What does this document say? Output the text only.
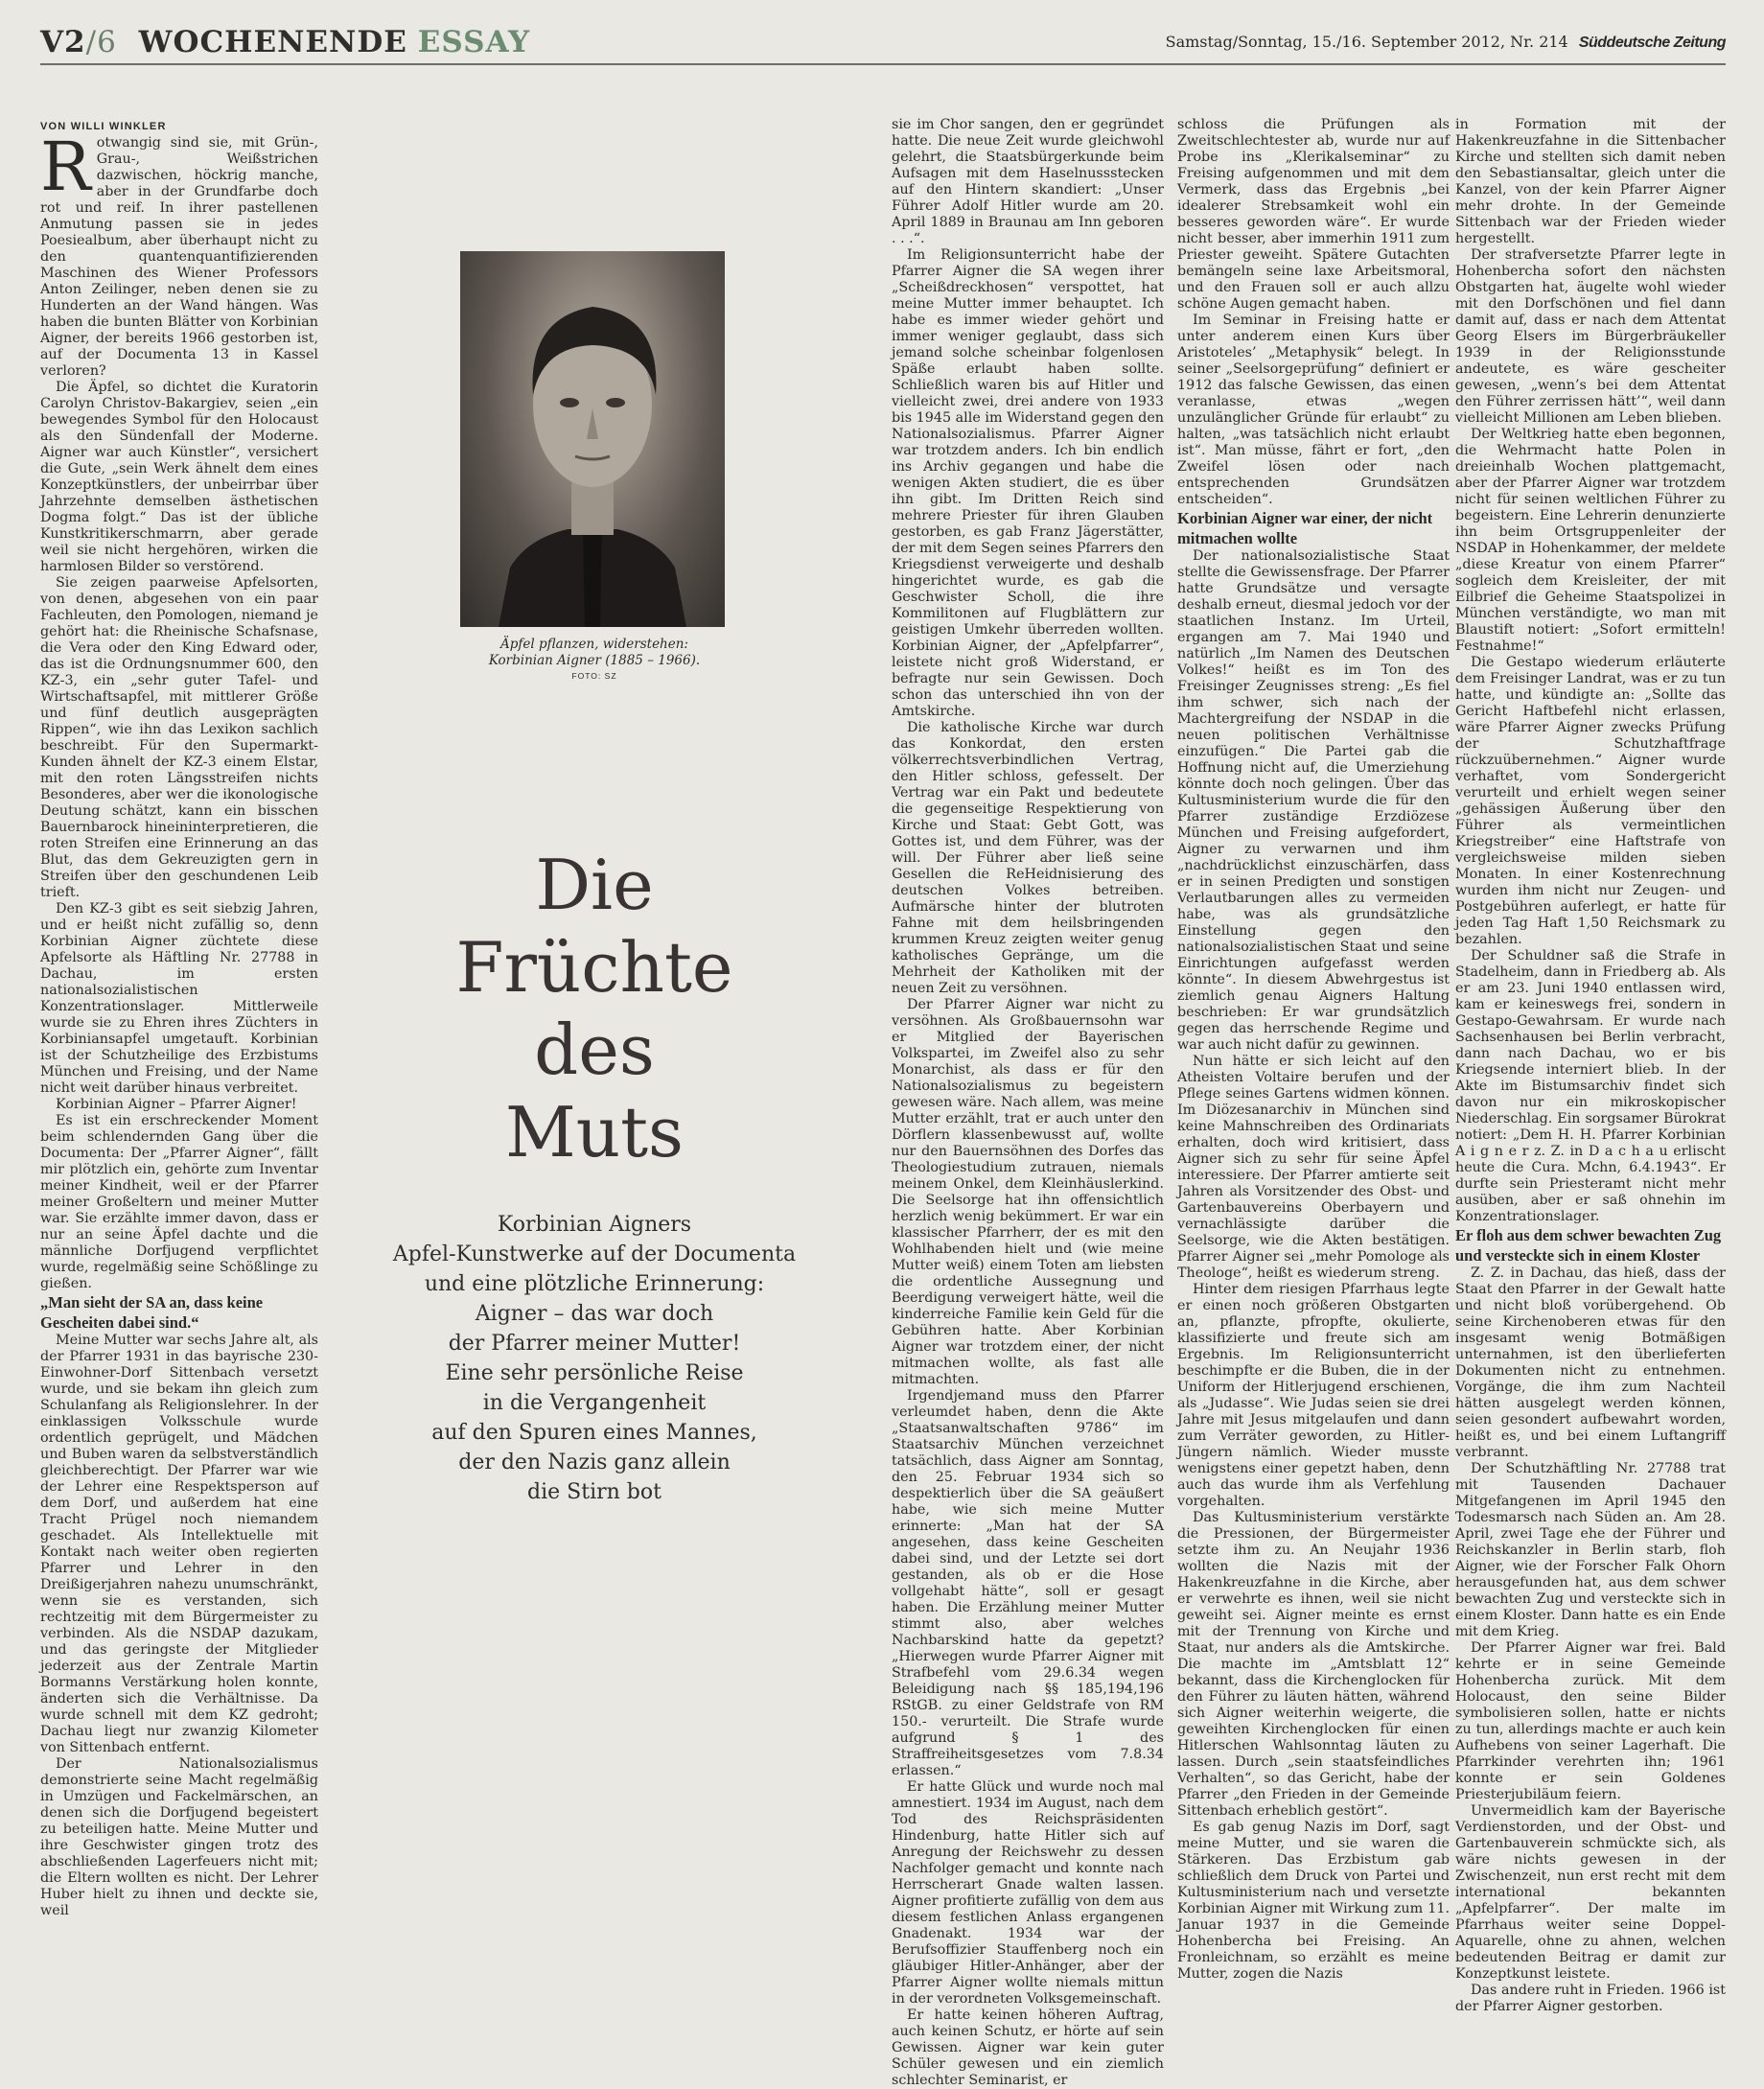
V2/6 WOCHENENDE ESSAY	Samstag/Sonntag, 15./16. September 2012, Nr. 214 Süddeutsche Zeitung

VON WILLI WINKLER

Rotwangig sind sie, mit Grün-, Grau-, Weißstrichen dazwischen, höckrig manche, aber in der Grundfarbe doch rot und reif. In ihrer pastellenen Anmutung passen sie in jedes Poesiealbum, aber überhaupt nicht zu den quantenquantifizierenden Maschinen des Wiener Professors Anton Zeilinger, neben denen sie zu Hunderten an der Wand hängen. Was haben die bunten Blätter von Korbinian Aigner, der bereits 1966 gestorben ist, auf der Documenta 13 in Kassel verloren?

Die Äpfel, so dichtet die Kuratorin Carolyn Christov-Bakargiev, seien „ein bewegendes Symbol für den Holocaust als den Sündenfall der Moderne. Aigner war auch Künstler“, versichert die Gute, „sein Werk ähnelt dem eines Konzeptkünstlers, der unbeirrbar über Jahrzehnte demselben ästhetischen Dogma folgt.“ Das ist der übliche Kunstkritikerschmarrn, aber gerade weil sie nicht hergehören, wirken die harmlosen Bilder so verstörend.

Sie zeigen paarweise Apfelsorten, von denen, abgesehen von ein paar Fachleuten, den Pomologen, niemand je gehört hat: die Rheinische Schafsnase, die Vera oder den King Edward oder, das ist die Ordnungsnummer 600, den KZ-3, ein „sehr guter Tafel- und Wirtschaftsapfel, mit mittlerer Größe und fünf deutlich ausgeprägten Rippen“, wie ihn das Lexikon sachlich beschreibt. Für den Supermarkt-Kunden ähnelt der KZ-3 einem Elstar, mit den roten Längsstreifen nichts Besonderes, aber wer die ikonologische Deutung schätzt, kann ein bisschen Bauernbarock hineininterpretieren, die roten Streifen eine Erinnerung an das Blut, das dem Gekreuzigten gern in Streifen über den geschundenen Leib trieft.

Den KZ-3 gibt es seit siebzig Jahren, und er heißt nicht zufällig so, denn Korbinian Aigner züchtete diese Apfelsorte als Häftling Nr. 27788 in Dachau, im ersten nationalsozialistischen Konzentrationslager. Mittlerweile wurde sie zu Ehren ihres Züchters in Korbiniansapfel umgetauft. Korbinian ist der Schutzheilige des Erzbistums München und Freising, und der Name nicht weit darüber hinaus verbreitet.

Korbinian Aigner – Pfarrer Aigner!

Es ist ein erschreckender Moment beim schlendernden Gang über die Documenta: Der „Pfarrer Aigner“, fällt mir plötzlich ein, gehörte zum Inventar meiner Kindheit, weil er der Pfarrer meiner Großeltern und meiner Mutter war. Sie erzählte immer davon, dass er nur an seine Äpfel dachte und die männliche Dorfjugend verpflichtet wurde, regelmäßig seine Schößlinge zu gießen.

„Man sieht der SA an, dass keine Gescheiten dabei sind.“

Meine Mutter war sechs Jahre alt, als der Pfarrer 1931 in das bayrische 230-Einwohner-Dorf Sittenbach versetzt wurde, und sie bekam ihn gleich zum Schulanfang als Religionslehrer. In der einklassigen Volksschule wurde ordentlich geprügelt, und Mädchen und Buben waren da selbstverständlich gleichberechtigt. Der Pfarrer war wie der Lehrer eine Respektsperson auf dem Dorf, und außerdem hat eine Tracht Prügel noch niemandem geschadet. Als Intellektuelle mit Kontakt nach weiter oben regierten Pfarrer und Lehrer in den Dreißigerjahren nahezu unumschränkt, wenn sie es verstanden, sich rechtzeitig mit dem Bürgermeister zu verbinden. Als die NSDAP dazukam, und das geringste der Mitglieder jederzeit aus der Zentrale Martin Bormanns Verstärkung holen konnte, änderten sich die Verhältnisse. Da wurde schnell mit dem KZ gedroht; Dachau liegt nur zwanzig Kilometer von Sittenbach entfernt.

Der Nationalsozialismus demonstrierte seine Macht regelmäßig in Umzügen und Fackelmärschen, an denen sich die Dorfjugend begeistert zu beteiligen hatte. Meine Mutter und ihre Geschwister gingen trotz des abschließenden Lagerfeuers nicht mit; die Eltern wollten es nicht. Der Lehrer Huber hielt zu ihnen und deckte sie, weil

Äpfel pflanzen, widerstehen:
Korbinian Aigner (1885 – 1966).
FOTO: SZ
Die
Früchte
des
Muts
Korbinian Aigners
Apfel-Kunstwerke auf der Documenta
und eine plötzliche Erinnerung:
Aigner – das war doch
der Pfarrer meiner Mutter!
Eine sehr persönliche Reise
in die Vergangenheit
auf den Spuren eines Mannes,
der den Nazis ganz allein
die Stirn bot

sie im Chor sangen, den er gegründet hatte. Die neue Zeit wurde gleichwohl gelehrt, die Staatsbürgerkunde beim Aufsagen mit dem Haselnussstecken auf den Hintern skandiert: „Unser Führer Adolf Hitler wurde am 20. April 1889 in Braunau am Inn geboren . . .“.

Im Religionsunterricht habe der Pfarrer Aigner die SA wegen ihrer „Scheißdreckhosen“ verspottet, hat meine Mutter immer behauptet. Ich habe es immer wieder gehört und immer weniger geglaubt, dass sich jemand solche scheinbar folgenlosen Späße erlaubt haben sollte. Schließlich waren bis auf Hitler und vielleicht zwei, drei andere von 1933 bis 1945 alle im Widerstand gegen den Nationalsozialismus. Pfarrer Aigner war trotzdem anders. Ich bin endlich ins Archiv gegangen und habe die wenigen Akten studiert, die es über ihn gibt. Im Dritten Reich sind mehrere Priester für ihren Glauben gestorben, es gab Franz Jägerstätter, der mit dem Segen seines Pfarrers den Kriegsdienst verweigerte und deshalb hingerichtet wurde, es gab die Geschwister Scholl, die ihre Kommilitonen auf Flugblättern zur geistigen Umkehr überreden wollten. Korbinian Aigner, der „Apfelpfarrer“, leistete nicht groß Widerstand, er befragte nur sein Gewissen. Doch schon das unterschied ihn von der Amtskirche.

Die katholische Kirche war durch das Konkordat, den ersten völkerrechtsverbindlichen Vertrag, den Hitler schloss, gefesselt. Der Vertrag war ein Pakt und bedeutete die gegenseitige Respektierung von Kirche und Staat: Gebt Gott, was Gottes ist, und dem Führer, was der will. Der Führer aber ließ seine Gesellen die ReHeidnisierung des deutschen Volkes betreiben. Aufmärsche hinter der blutroten Fahne mit dem heilsbringenden krummen Kreuz zeigten weiter genug katholisches Gepränge, um die Mehrheit der Katholiken mit der neuen Zeit zu versöhnen.

Der Pfarrer Aigner war nicht zu versöhnen. Als Großbauernsohn war er Mitglied der Bayerischen Volkspartei, im Zweifel also zu sehr Monarchist, als dass er für den Nationalsozialismus zu begeistern gewesen wäre. Nach allem, was meine Mutter erzählt, trat er auch unter den Dörflern klassenbewusst auf, wollte nur den Bauernsöhnen des Dorfes das Theologiestudium zutrauen, niemals meinem Onkel, dem Kleinhäuslerkind. Die Seelsorge hat ihn offensichtlich herzlich wenig bekümmert. Er war ein klassischer Pfarrherr, der es mit den Wohlhabenden hielt und (wie meine Mutter weiß) einem Toten am liebsten die ordentliche Aussegnung und Beerdigung verweigert hätte, weil die kinderreiche Familie kein Geld für die Gebühren hatte. Aber Korbinian Aigner war trotzdem einer, der nicht mitmachen wollte, als fast alle mitmachten.

Irgendjemand muss den Pfarrer verleumdet haben, denn die Akte „Staatsanwaltschaften 9786“ im Staatsarchiv München verzeichnet tatsächlich, dass Aigner am Sonntag, den 25. Februar 1934 sich so despektierlich über die SA geäußert habe, wie sich meine Mutter erinnerte: „Man hat der SA angesehen, dass keine Gescheiten dabei sind, und der Letzte sei dort gestanden, als ob er die Hose vollgehabt hätte“, soll er gesagt haben. Die Erzählung meiner Mutter stimmt also, aber welches Nachbarskind hatte da gepetzt? „Hierwegen wurde Pfarrer Aigner mit Strafbefehl vom 29.6.34 wegen Beleidigung nach §§ 185,194,196 RStGB. zu einer Geldstrafe von RM 150.- verurteilt. Die Strafe wurde aufgrund § 1 des Straffreiheitsgesetzes vom 7.8.34 erlassen.“

Er hatte Glück und wurde noch mal amnestiert. 1934 im August, nach dem Tod des Reichspräsidenten Hindenburg, hatte Hitler sich auf Anregung der Reichswehr zu dessen Nachfolger gemacht und konnte nach Herrscherart Gnade walten lassen. Aigner profitierte zufällig von dem aus diesem festlichen Anlass ergangenen Gnadenakt. 1934 war der Berufsoffizier Stauffenberg noch ein gläubiger Hitler-Anhänger, aber der Pfarrer Aigner wollte niemals mittun in der verordneten Volksgemeinschaft.

Er hatte keinen höheren Auftrag, auch keinen Schutz, er hörte auf sein Gewissen. Aigner war kein guter Schüler gewesen und ein ziemlich schlechter Seminarist, er

schloss die Prüfungen als Zweitschlechtester ab, wurde nur auf Probe ins „Klerikalseminar“ zu Freising aufgenommen und mit dem Vermerk, dass das Ergebnis „bei idealerer Strebsamkeit wohl ein besseres geworden wäre“. Er wurde nicht besser, aber immerhin 1911 zum Priester geweiht. Spätere Gutachten bemängeln seine laxe Arbeitsmoral, und den Frauen soll er auch allzu schöne Augen gemacht haben.

Im Seminar in Freising hatte er unter anderem einen Kurs über Aristoteles’ „Metaphysik“ belegt. In seiner „Seelsorgeprüfung“ definiert er 1912 das falsche Gewissen, das einen veranlasse, etwas „wegen unzulänglicher Gründe für erlaubt“ zu halten, „was tatsächlich nicht erlaubt ist“. Man müsse, fährt er fort, „den Zweifel lösen oder nach entsprechenden Grundsätzen entscheiden“.

Korbinian Aigner war einer, der nicht mitmachen wollte

Der nationalsozialistische Staat stellte die Gewissensfrage. Der Pfarrer hatte Grundsätze und versagte deshalb erneut, diesmal jedoch vor der staatlichen Instanz. Im Urteil, ergangen am 7. Mai 1940 und natürlich „Im Namen des Deutschen Volkes!“ heißt es im Ton des Freisinger Zeugnisses streng: „Es fiel ihm schwer, sich nach der Machtergreifung der NSDAP in die neuen politischen Verhältnisse einzufügen.“ Die Partei gab die Hoffnung nicht auf, die Umerziehung könnte doch noch gelingen. Über das Kultusministerium wurde die für den Pfarrer zuständige Erzdiözese München und Freising aufgefordert, Aigner zu verwarnen und ihm „nachdrücklichst einzuschärfen, dass er in seinen Predigten und sonstigen Verlautbarungen alles zu vermeiden habe, was als grundsätzliche Einstellung gegen den nationalsozialistischen Staat und seine Einrichtungen aufgefasst werden könnte“. In diesem Abwehrgestus ist ziemlich genau Aigners Haltung beschrieben: Er war grundsätzlich gegen das herrschende Regime und war auch nicht dafür zu gewinnen.

Nun hätte er sich leicht auf den Atheisten Voltaire berufen und der Pflege seines Gartens widmen können. Im Diözesanarchiv in München sind keine Mahnschreiben des Ordinariats erhalten, doch wird kritisiert, dass Aigner sich zu sehr für seine Äpfel interessiere. Der Pfarrer amtierte seit Jahren als Vorsitzender des Obst- und Gartenbauvereins Oberbayern und vernachlässigte darüber die Seelsorge, wie die Akten bestätigen. Pfarrer Aigner sei „mehr Pomologe als Theologe“, heißt es wiederum streng.

Hinter dem riesigen Pfarrhaus legte er einen noch größeren Obstgarten an, pflanzte, pfropfte, okulierte, klassifizierte und freute sich am Ergebnis. Im Religionsunterricht beschimpfte er die Buben, die in der Uniform der Hitlerjugend erschienen, als „Judasse“. Wie Judas seien sie drei Jahre mit Jesus mitgelaufen und dann zum Verräter geworden, zu Hitler-Jüngern nämlich. Wieder musste wenigstens einer gepetzt haben, denn auch das wurde ihm als Verfehlung vorgehalten.

Das Kultusministerium verstärkte die Pressionen, der Bürgermeister setzte ihm zu. An Neujahr 1936 wollten die Nazis mit der Hakenkreuzfahne in die Kirche, aber er verwehrte es ihnen, weil sie nicht geweiht sei. Aigner meinte es ernst mit der Trennung von Kirche und Staat, nur anders als die Amtskirche. Die machte im „Amtsblatt 12“ bekannt, dass die Kirchenglocken für den Führer zu läuten hätten, während sich Aigner weiterhin weigerte, die geweihten Kirchenglocken für einen Hitlerschen Wahlsonntag läuten zu lassen. Durch „sein staatsfeindliches Verhalten“, so das Gericht, habe der Pfarrer „den Frieden in der Gemeinde Sittenbach erheblich gestört“.

Es gab genug Nazis im Dorf, sagt meine Mutter, und sie waren die Stärkeren. Das Erzbistum gab schließlich dem Druck von Partei und Kultusministerium nach und versetzte Korbinian Aigner mit Wirkung zum 11. Januar 1937 in die Gemeinde Hohenbercha bei Freising. An Fronleichnam, so erzählt es meine Mutter, zogen die Nazis

in Formation mit der Hakenkreuzfahne in die Sittenbacher Kirche und stellten sich damit neben den Sebastiansaltar, gleich unter die Kanzel, von der kein Pfarrer Aigner mehr drohte. In der Gemeinde Sittenbach war der Frieden wieder hergestellt.

Der strafversetzte Pfarrer legte in Hohenbercha sofort den nächsten Obstgarten hat, äugelte wohl wieder mit den Dorfschönen und fiel dann damit auf, dass er nach dem Attentat Georg Elsers im Bürgerbräukeller 1939 in der Religionsstunde andeutete, es wäre gescheiter gewesen, „wenn’s bei dem Attentat den Führer zerrissen hätt’“, weil dann vielleicht Millionen am Leben blieben.

Der Weltkrieg hatte eben begonnen, die Wehrmacht hatte Polen in dreieinhalb Wochen plattgemacht, aber der Pfarrer Aigner war trotzdem nicht für seinen weltlichen Führer zu begeistern. Eine Lehrerin denunzierte ihn beim Ortsgruppenleiter der NSDAP in Hohenkammer, der meldete „diese Kreatur von einem Pfarrer“ sogleich dem Kreisleiter, der mit Eilbrief die Geheime Staatspolizei in München verständigte, wo man mit Blaustift notiert: „Sofort ermitteln! Festnahme!“

Die Gestapo wiederum erläuterte dem Freisinger Landrat, was er zu tun hatte, und kündigte an: „Sollte das Gericht Haftbefehl nicht erlassen, wäre Pfarrer Aigner zwecks Prüfung der Schutzhaftfrage rückzuübernehmen.“ Aigner wurde verhaftet, vom Sondergericht verurteilt und erhielt wegen seiner „gehässigen Äußerung über den Führer als vermeintlichen Kriegstreiber“ eine Haftstrafe von vergleichsweise milden sieben Monaten. In einer Kostenrechnung wurden ihm nicht nur Zeugen- und Postgebühren auferlegt, er hatte für jeden Tag Haft 1,50 Reichsmark zu bezahlen.

Der Schuldner saß die Strafe in Stadelheim, dann in Friedberg ab. Als er am 23. Juni 1940 entlassen wird, kam er keineswegs frei, sondern in Gestapo-Gewahrsam. Er wurde nach Sachsenhausen bei Berlin verbracht, dann nach Dachau, wo er bis Kriegsende interniert blieb. In der Akte im Bistumsarchiv findet sich davon nur ein mikroskopischer Niederschlag. Ein sorgsamer Bürokrat notiert: „Dem H. H. Pfarrer Korbinian A i g n e r z. Z. in D a c h a u erlischt heute die Cura. Mchn, 6.4.1943“. Er durfte sein Priesteramt nicht mehr ausüben, aber er saß ohnehin im Konzentrationslager.

Er floh aus dem schwer bewachten Zug und versteckte sich in einem Kloster

Z. Z. in Dachau, das hieß, dass der Staat den Pfarrer in der Gewalt hatte und nicht bloß vorübergehend. Ob seine Kirchenoberen etwas für den insgesamt wenig Botmäßigen unternahmen, ist den überlieferten Dokumenten nicht zu entnehmen. Vorgänge, die ihm zum Nachteil hätten ausgelegt werden können, seien gesondert aufbewahrt worden, heißt es, und bei einem Luftangriff verbrannt.

Der Schutzhäftling Nr. 27788 trat mit Tausenden Dachauer Mitgefangenen im April 1945 den Todesmarsch nach Süden an. Am 28. April, zwei Tage ehe der Führer und Reichskanzler in Berlin starb, floh Aigner, wie der Forscher Falk Ohorn herausgefunden hat, aus dem schwer bewachten Zug und versteckte sich in einem Kloster. Dann hatte es ein Ende mit dem Krieg.

Der Pfarrer Aigner war frei. Bald kehrte er in seine Gemeinde Hohenbercha zurück. Mit dem Holocaust, den seine Bilder symbolisieren sollen, hatte er nichts zu tun, allerdings machte er auch kein Aufhebens von seiner Lagerhaft. Die Pfarrkinder verehrten ihn; 1961 konnte er sein Goldenes Priesterjubiläum feiern.

Unvermeidlich kam der Bayerische Verdienstorden, und der Obst- und Gartenbauverein schmückte sich, als wäre nichts gewesen in der Zwischenzeit, nun erst recht mit dem international bekannten „Apfelpfarrer“. Der malte im Pfarrhaus weiter seine Doppel-Aquarelle, ohne zu ahnen, welchen bedeutenden Beitrag er damit zur Konzeptkunst leistete.

Das andere ruht in Frieden. 1966 ist der Pfarrer Aigner gestorben.
